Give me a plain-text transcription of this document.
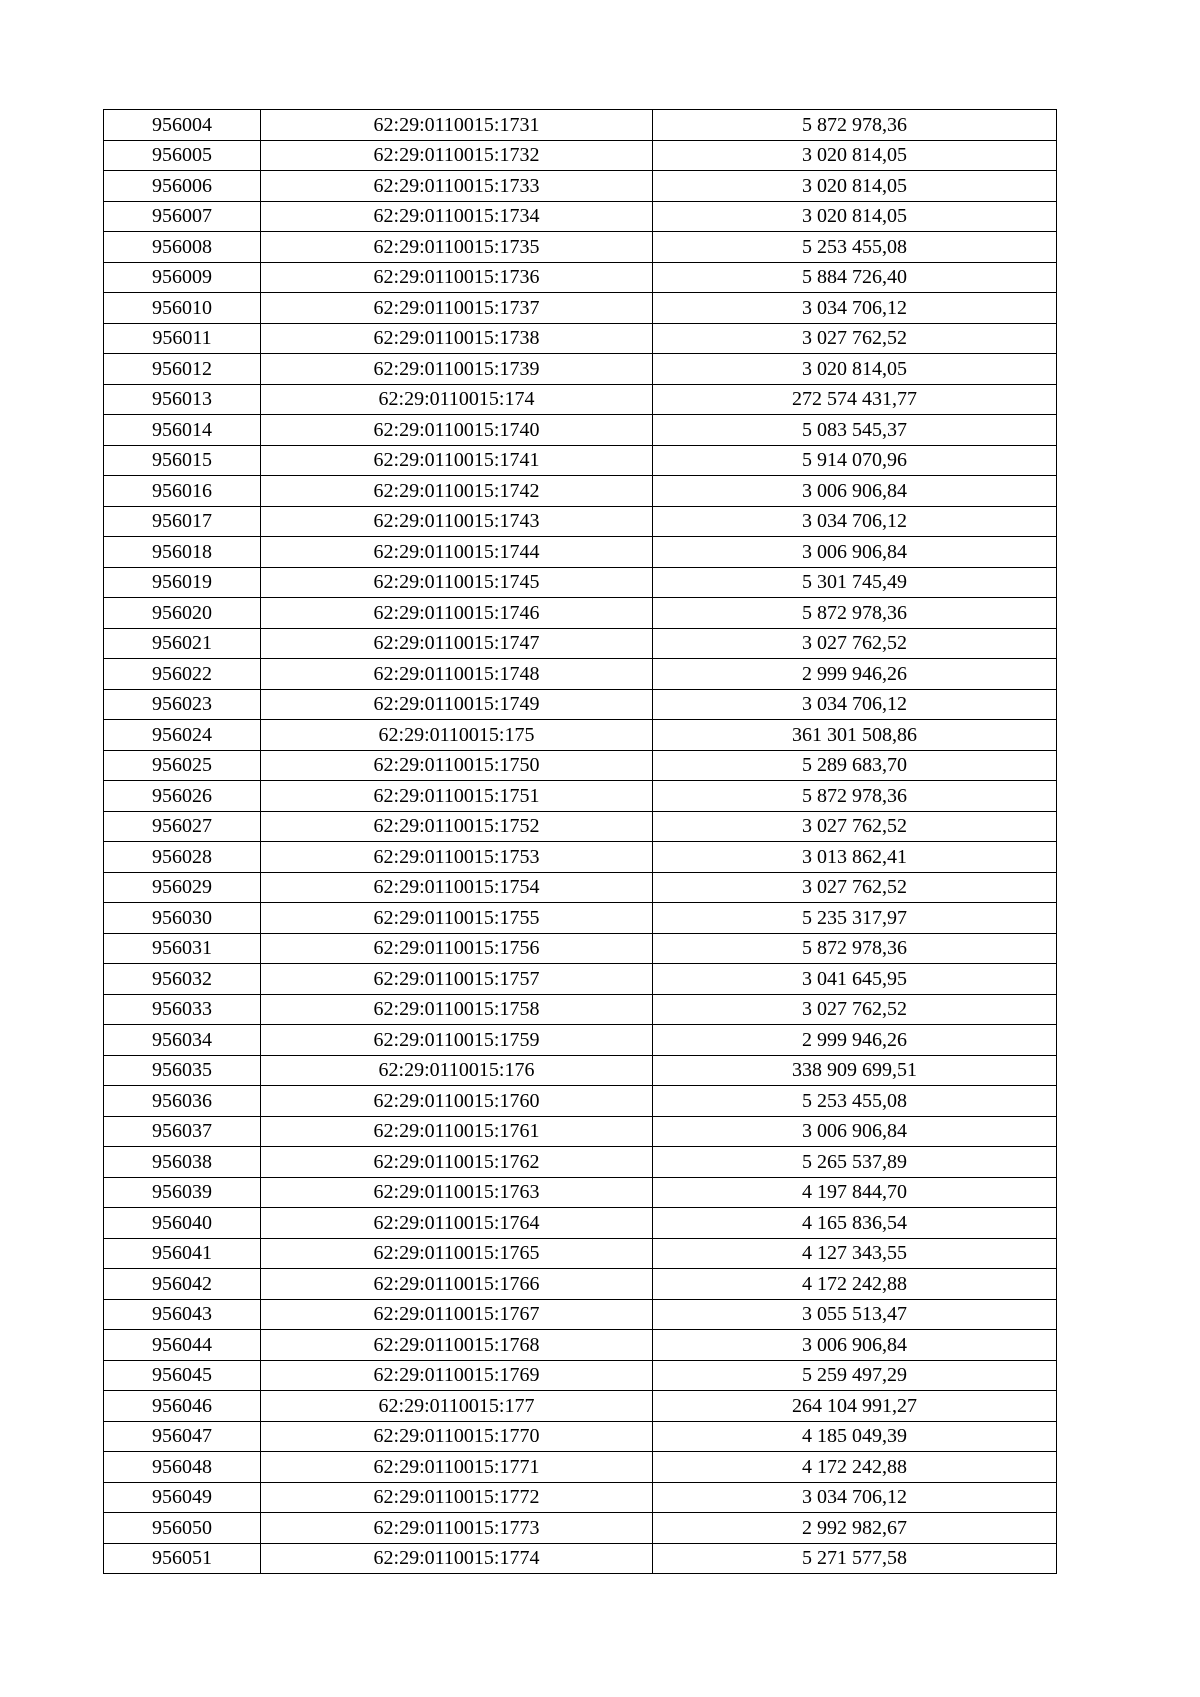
956004	62:29:0110015:1731	5 872 978,36
956005	62:29:0110015:1732	3 020 814,05
956006	62:29:0110015:1733	3 020 814,05
956007	62:29:0110015:1734	3 020 814,05
956008	62:29:0110015:1735	5 253 455,08
956009	62:29:0110015:1736	5 884 726,40
956010	62:29:0110015:1737	3 034 706,12
956011	62:29:0110015:1738	3 027 762,52
956012	62:29:0110015:1739	3 020 814,05
956013	62:29:0110015:174	272 574 431,77
956014	62:29:0110015:1740	5 083 545,37
956015	62:29:0110015:1741	5 914 070,96
956016	62:29:0110015:1742	3 006 906,84
956017	62:29:0110015:1743	3 034 706,12
956018	62:29:0110015:1744	3 006 906,84
956019	62:29:0110015:1745	5 301 745,49
956020	62:29:0110015:1746	5 872 978,36
956021	62:29:0110015:1747	3 027 762,52
956022	62:29:0110015:1748	2 999 946,26
956023	62:29:0110015:1749	3 034 706,12
956024	62:29:0110015:175	361 301 508,86
956025	62:29:0110015:1750	5 289 683,70
956026	62:29:0110015:1751	5 872 978,36
956027	62:29:0110015:1752	3 027 762,52
956028	62:29:0110015:1753	3 013 862,41
956029	62:29:0110015:1754	3 027 762,52
956030	62:29:0110015:1755	5 235 317,97
956031	62:29:0110015:1756	5 872 978,36
956032	62:29:0110015:1757	3 041 645,95
956033	62:29:0110015:1758	3 027 762,52
956034	62:29:0110015:1759	2 999 946,26
956035	62:29:0110015:176	338 909 699,51
956036	62:29:0110015:1760	5 253 455,08
956037	62:29:0110015:1761	3 006 906,84
956038	62:29:0110015:1762	5 265 537,89
956039	62:29:0110015:1763	4 197 844,70
956040	62:29:0110015:1764	4 165 836,54
956041	62:29:0110015:1765	4 127 343,55
956042	62:29:0110015:1766	4 172 242,88
956043	62:29:0110015:1767	3 055 513,47
956044	62:29:0110015:1768	3 006 906,84
956045	62:29:0110015:1769	5 259 497,29
956046	62:29:0110015:177	264 104 991,27
956047	62:29:0110015:1770	4 185 049,39
956048	62:29:0110015:1771	4 172 242,88
956049	62:29:0110015:1772	3 034 706,12
956050	62:29:0110015:1773	2 992 982,67
956051	62:29:0110015:1774	5 271 577,58
